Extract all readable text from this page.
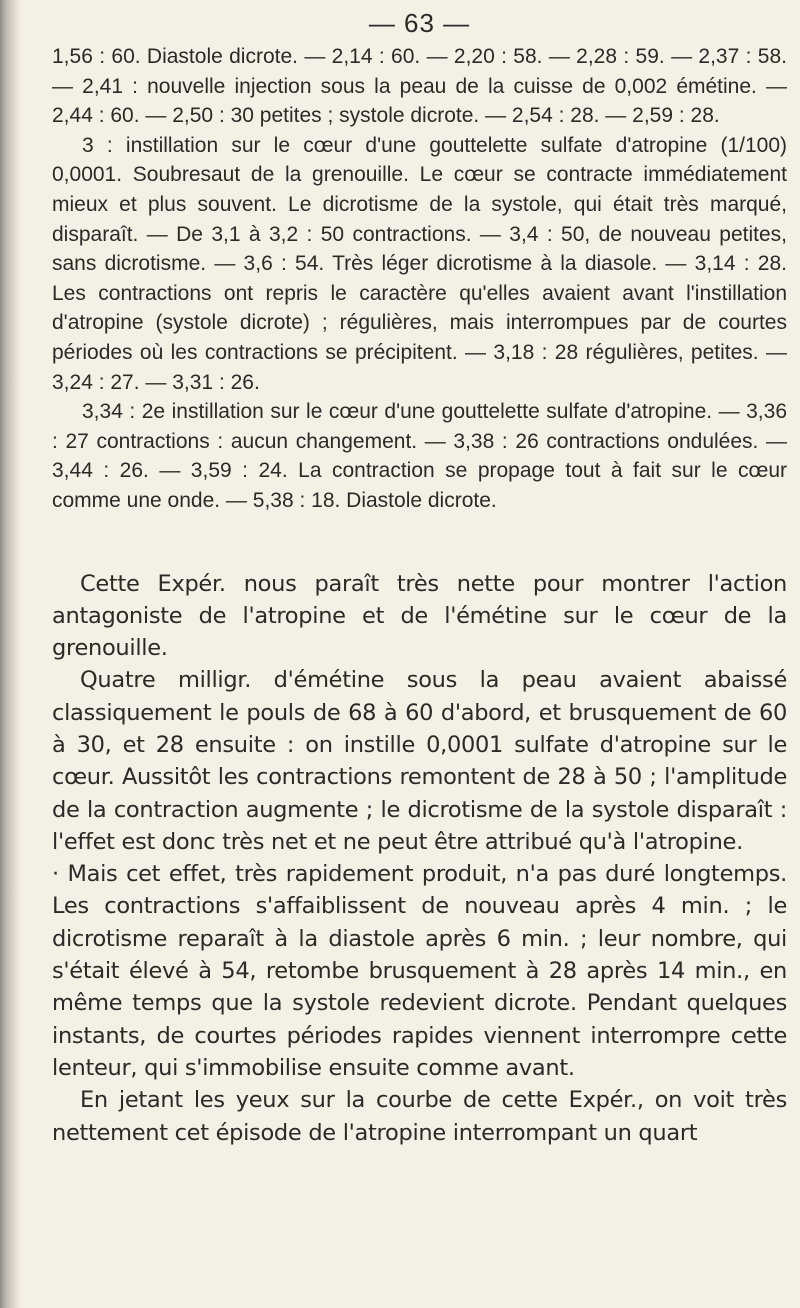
— 63 —

1,56 : 60. Diastole dicrote. — 2,14 : 60. — 2,20 : 58. — 2,28 : 59. — 2,37 : 58. — 2,41 : nouvelle injection sous la peau de la cuisse de 0,002 émétine. — 2,44 : 60. — 2,50 : 30 petites ; systole dicrote. — 2,54 : 28. — 2,59 : 28.

3 : instillation sur le cœur d'une gouttelette sulfate d'atropine (1/100) 0,0001. Soubresaut de la grenouille. Le cœur se contracte immédiatement mieux et plus souvent. Le dicrotisme de la systole, qui était très marqué, disparaît. — De 3,1 à 3,2 : 50 contractions. — 3,4 : 50, de nouveau petites, sans dicrotisme. — 3,6 : 54. Très léger dicrotisme à la diasole. — 3,14 : 28. Les contractions ont repris le caractère qu'elles avaient avant l'instillation d'atropine (systole dicrote) ; régulières, mais interrompues par de courtes périodes où les contractions se précipitent. — 3,18 : 28 régulières, petites. — 3,24 : 27. — 3,31 : 26.

3,34 : 2e instillation sur le cœur d'une gouttelette sulfate d'atropine. — 3,36 : 27 contractions : aucun changement. — 3,38 : 26 contractions ondulées. — 3,44 : 26. — 3,59 : 24. La contraction se propage tout à fait sur le cœur comme une onde. — 5,38 : 18. Diastole dicrote.

Cette Expér. nous paraît très nette pour montrer l'action antagoniste de l'atropine et de l'émétine sur le cœur de la grenouille.

Quatre milligr. d'émétine sous la peau avaient abaissé classiquement le pouls de 68 à 60 d'abord, et brusquement de 60 à 30, et 28 ensuite : on instille 0,0001 sulfate d'atropine sur le cœur. Aussitôt les contractions remontent de 28 à 50 ; l'amplitude de la contraction augmente ; le dicrotisme de la systole disparaît : l'effet est donc très net et ne peut être attribué qu'à l'atropine.

· Mais cet effet, très rapidement produit, n'a pas duré longtemps. Les contractions s'affaiblissent de nouveau après 4 min. ; le dicrotisme reparaît à la diastole après 6 min. ; leur nombre, qui s'était élevé à 54, retombe brusquement à 28 après 14 min., en même temps que la systole redevient dicrote. Pendant quelques instants, de courtes périodes rapides viennent interrompre cette lenteur, qui s'immobilise ensuite comme avant.

En jetant les yeux sur la courbe de cette Expér., on voit très nettement cet épisode de l'atropine interrompant un quart
